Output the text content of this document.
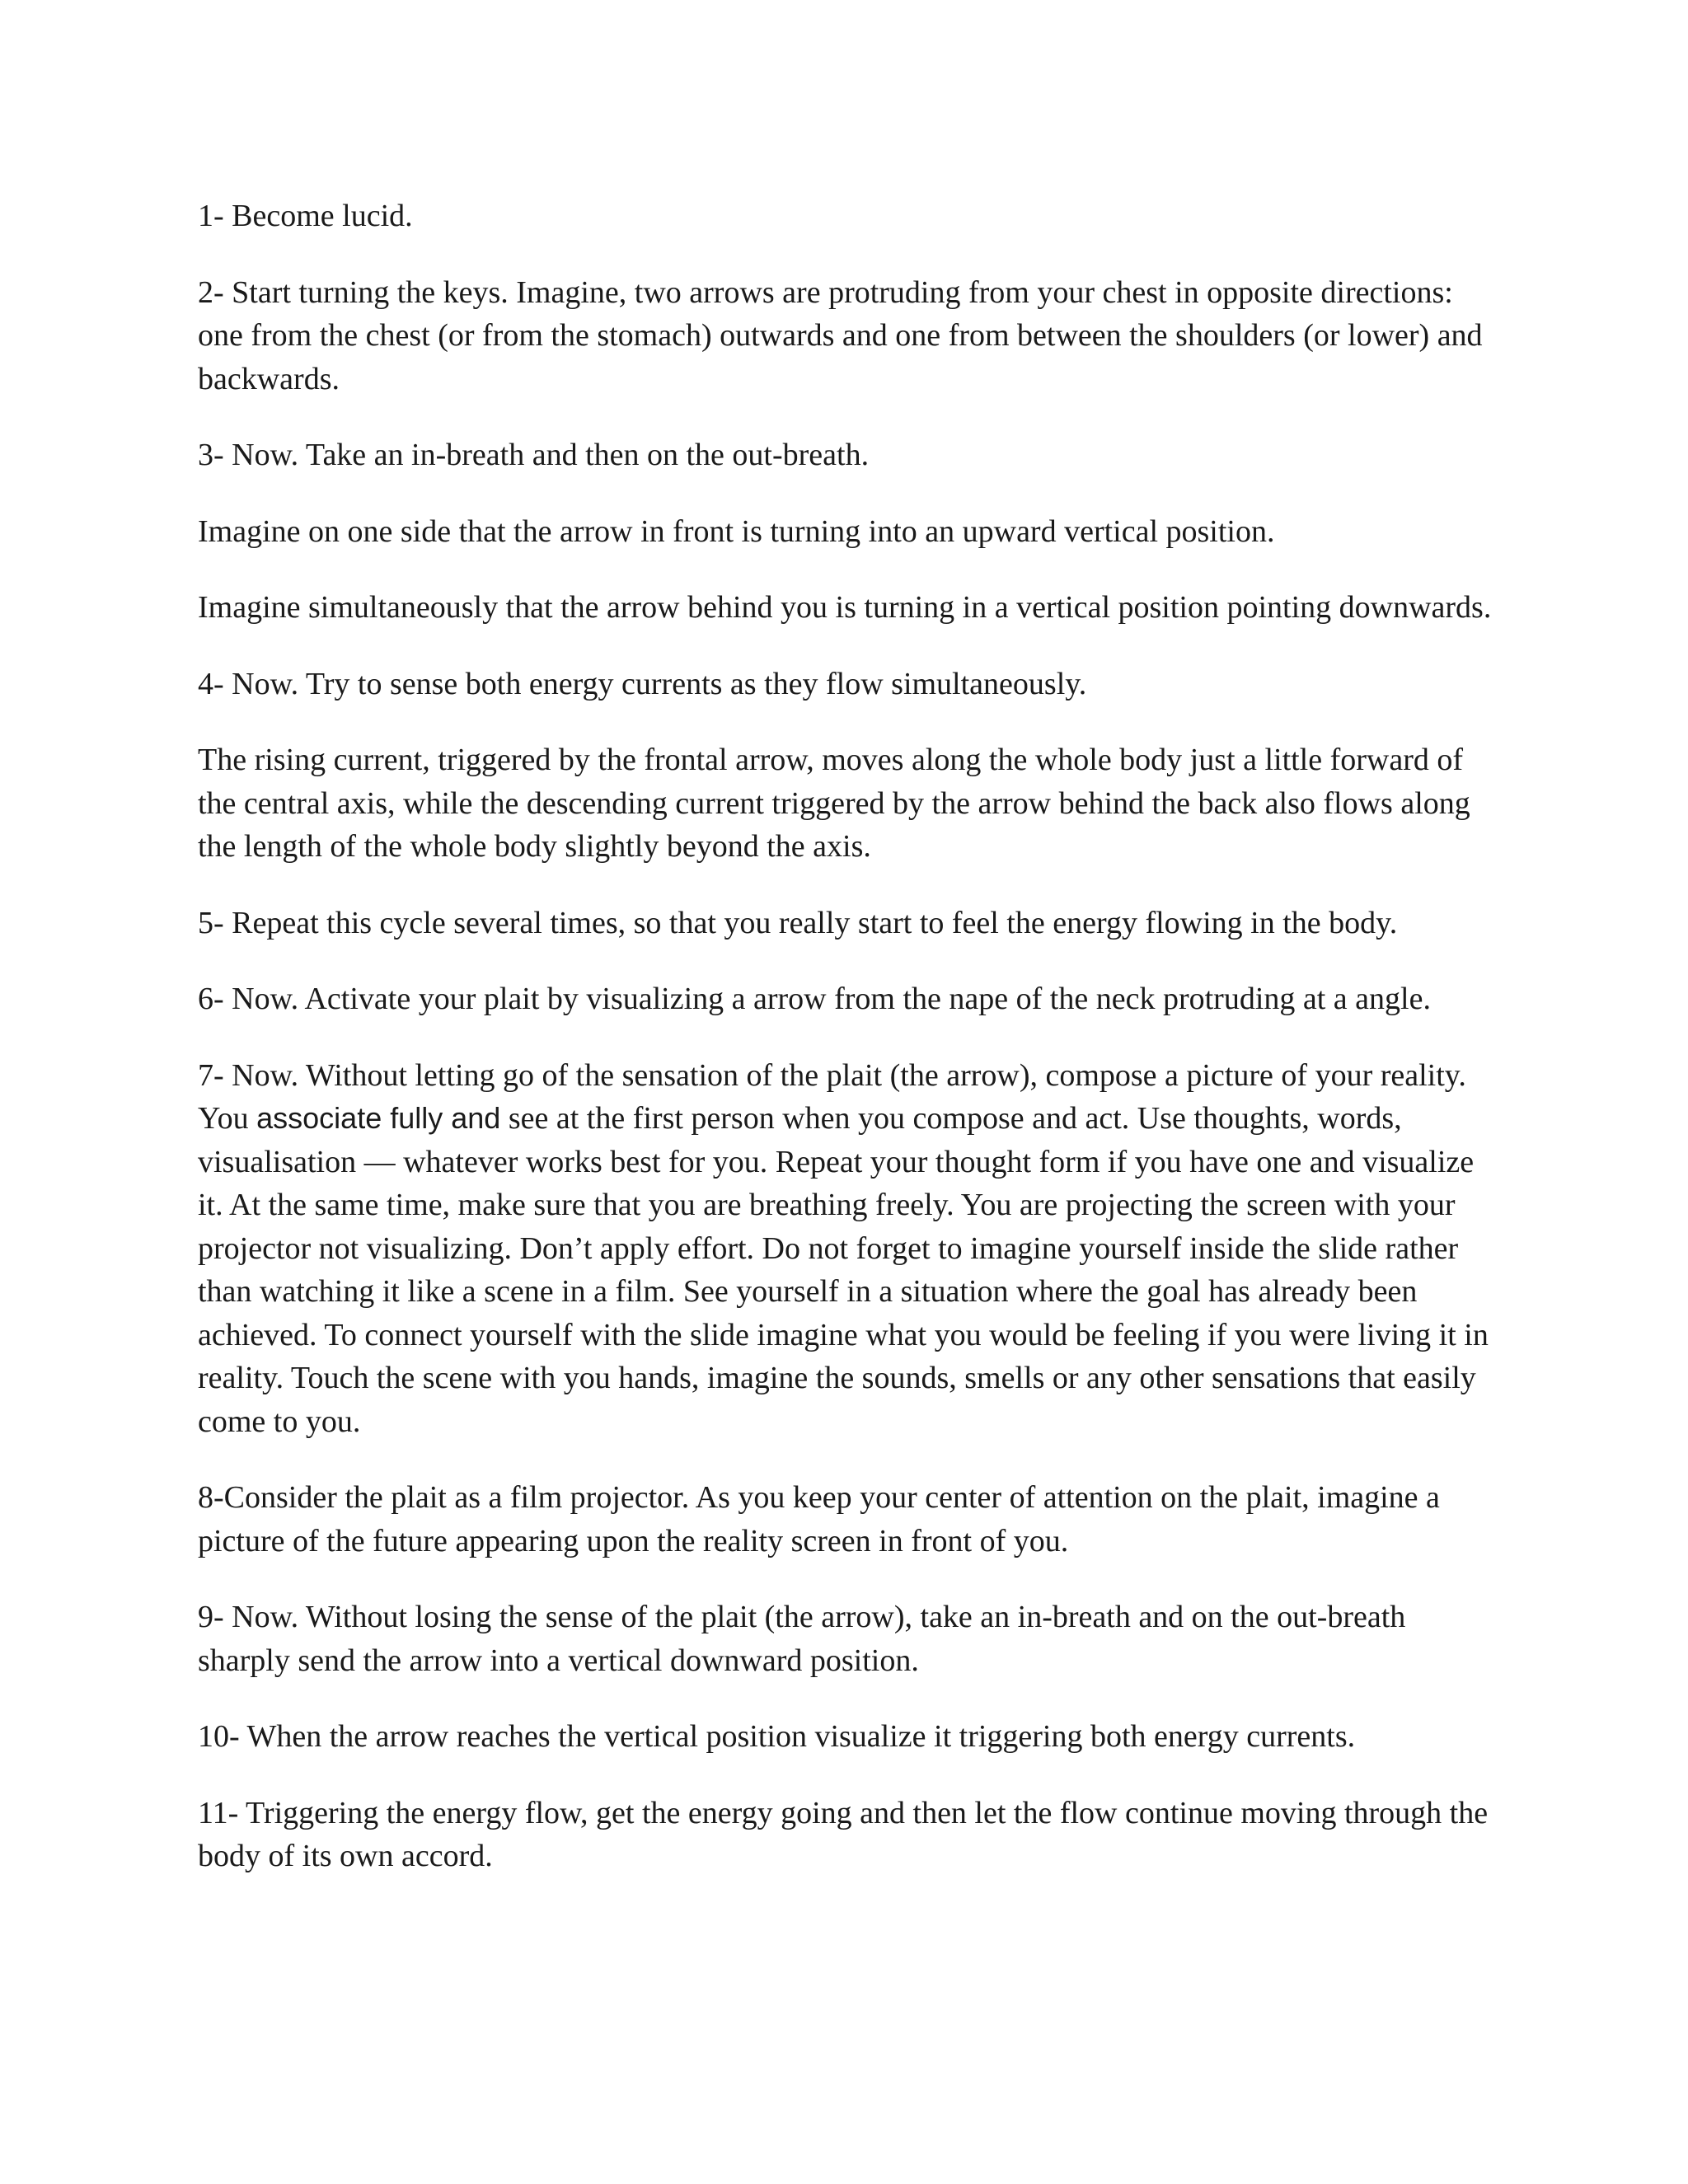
1- Become lucid.

2- Start turning the keys. Imagine, two arrows are protruding from your chest in opposite directions: one from the chest (or from the stomach) outwards and one from between the shoulders (or lower) and backwards.

3- Now. Take an in-breath and then on the out-breath.

Imagine on one side that the arrow in front is turning into an upward vertical position.

Imagine simultaneously that the arrow behind you is turning in a vertical position pointing downwards.

4- Now. Try to sense both energy currents as they flow simultaneously.

The rising current, triggered by the frontal arrow, moves along the whole body just a little forward of the central axis, while the descending current triggered by the arrow behind the back also flows along the length of the whole body slightly beyond the axis.

5- Repeat this cycle several times, so that you really start to feel the energy flowing in the body.

6- Now. Activate your plait by visualizing a arrow from the nape of the neck protruding at a angle.

7- Now. Without letting go of the sensation of the plait (the arrow), compose a picture of your reality. You associate fully and see at the first person when you compose and act. Use thoughts, words, visualisation — whatever works best for you. Repeat your thought form if you have one and visualize it. At the same time, make sure that you are breathing freely. You are projecting the screen with your projector not visualizing. Don’t apply effort. Do not forget to imagine yourself inside the slide rather than watching it like a scene in a film. See yourself in a situation where the goal has already been achieved. To connect yourself with the slide imagine what you would be feeling if you were living it in reality. Touch the scene with you hands, imagine the sounds, smells or any other sensations that easily come to you.

8-Consider the plait as a film projector. As you keep your center of attention on the plait, imagine a picture of the future appearing upon the reality screen in front of you.

9- Now. Without losing the sense of the plait (the arrow), take an in-breath and on the out-breath sharply send the arrow into a vertical downward position.

10- When the arrow reaches the vertical position visualize it triggering both energy currents.

11- Triggering the energy flow, get the energy going and then let the flow continue moving through the body of its own accord.
